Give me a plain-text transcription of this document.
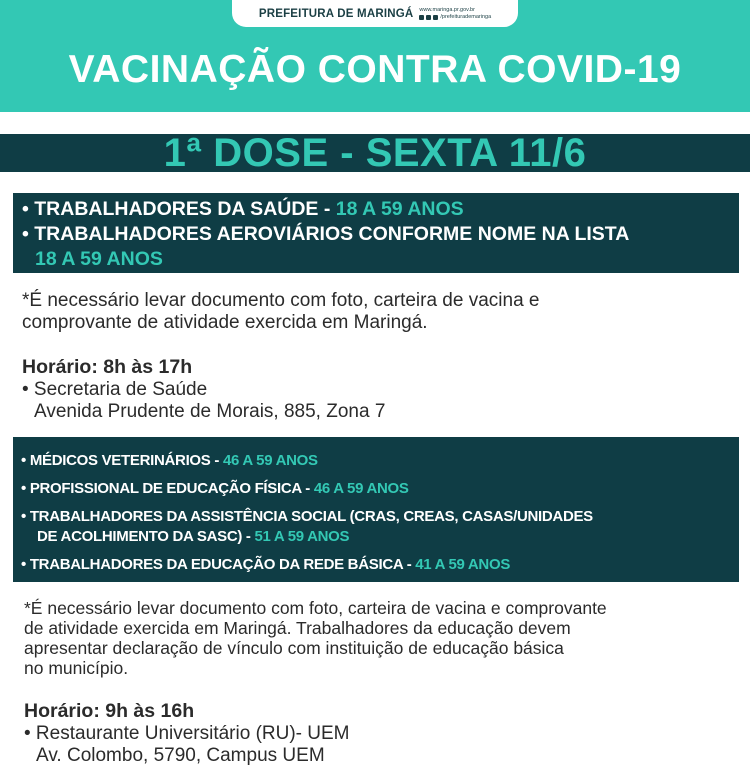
PREFEITURA DE MARINGÁ www.maringa.pr.gov.br
/prefeiturademaringa
VACINAÇÃO CONTRA COVID-19
1ª DOSE - SEXTA 11/6
• TRABALHADORES DA SAÚDE - 18 A 59 ANOS
• TRABALHADORES AEROVIÁRIOS CONFORME NOME NA LISTA
18 A 59 ANOS
*É necessário levar documento com foto, carteira de vacina e
comprovante de atividade exercida em Maringá.
Horário: 8h às 17h
• Secretaria de Saúde
Avenida Prudente de Morais, 885, Zona 7
• MÉDICOS VETERINÁRIOS - 46 A 59 ANOS
• PROFISSIONAL DE EDUCAÇÃO FÍSICA - 46 A 59 ANOS
• TRABALHADORES DA ASSISTÊNCIA SOCIAL (CRAS, CREAS, CASAS/UNIDADES
DE ACOLHIMENTO DA SASC) - 51 A 59 ANOS
• TRABALHADORES DA EDUCAÇÃO DA REDE BÁSICA - 41 A 59 ANOS
*É necessário levar documento com foto, carteira de vacina e comprovante
de atividade exercida em Maringá. Trabalhadores da educação devem
apresentar declaração de vínculo com instituição de educação básica
no município.
Horário: 9h às 16h
• Restaurante Universitário (RU)- UEM
Av. Colombo, 5790, Campus UEM
